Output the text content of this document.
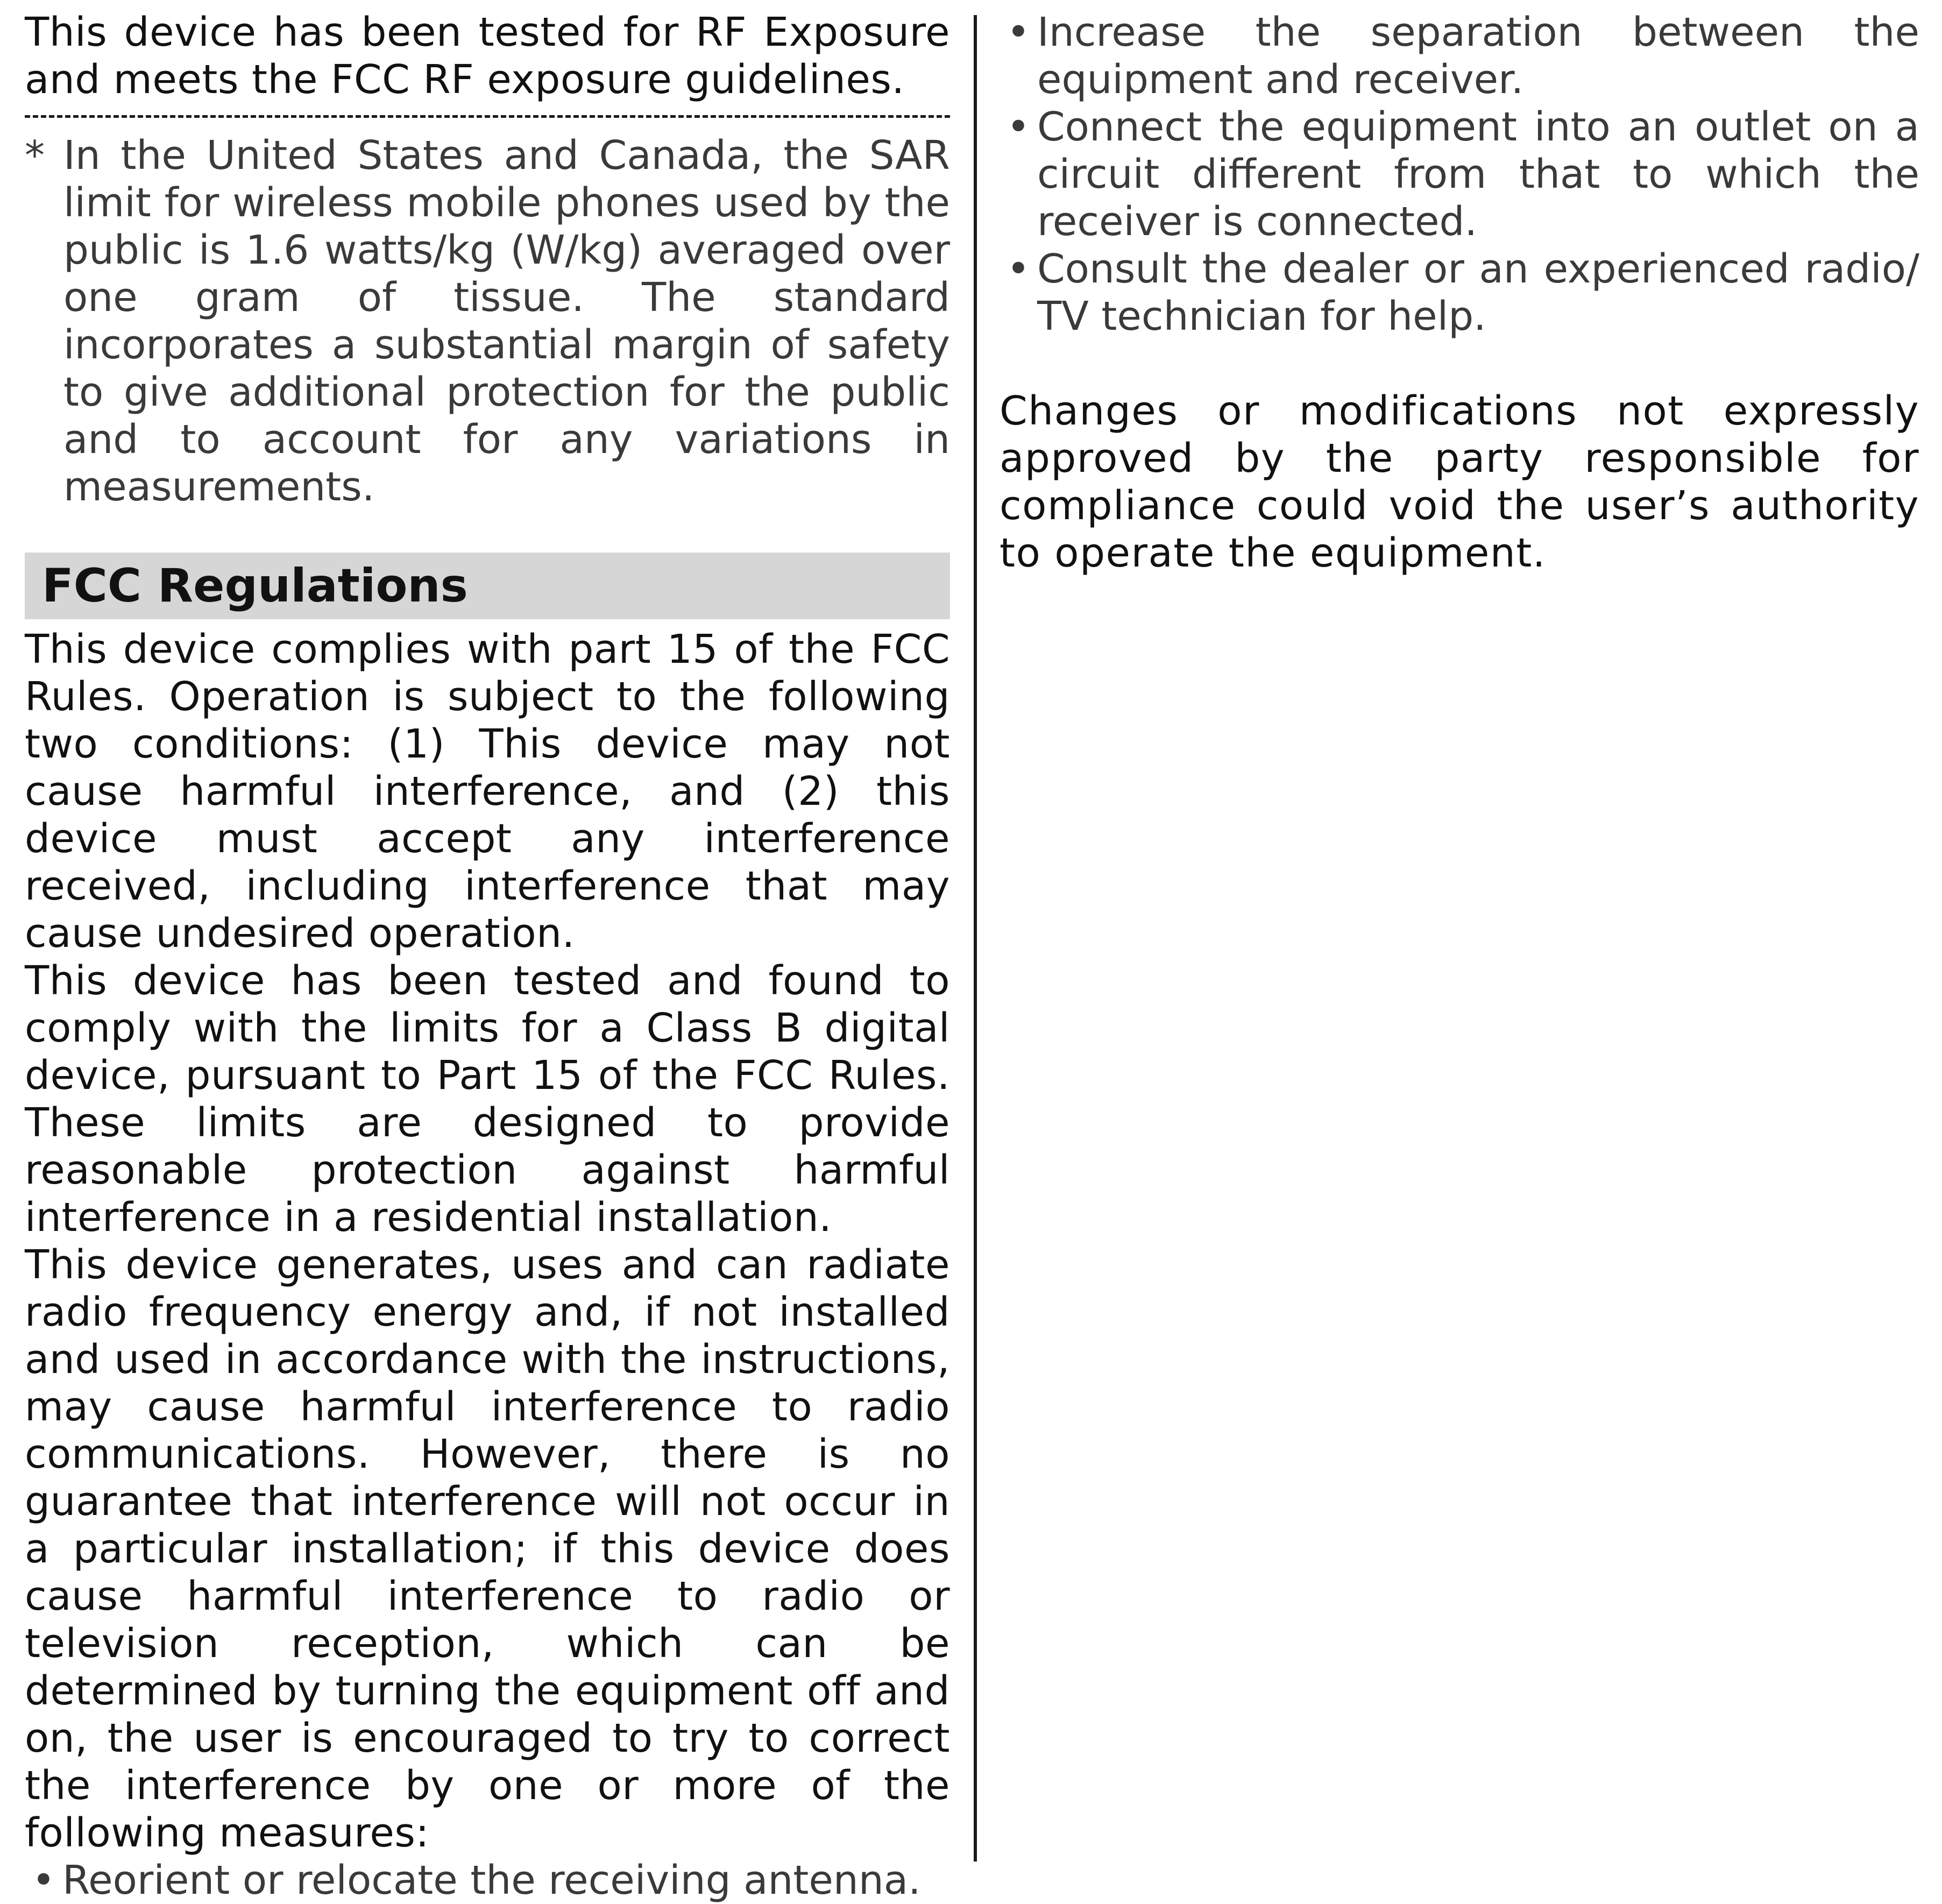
This device has been tested for RF Exposure and meets the FCC RF exposure guidelines.

* In the United States and Canada, the SAR limit for wireless mobile phones used by the public is 1.6 watts/kg (W/kg) averaged over one gram of tissue. The standard incorporates a substantial margin of safety to give additional protection for the public and to account for any variations in measurements.
FCC Regulations

This device complies with part 15 of the FCC Rules. Operation is subject to the following two conditions: (1) This device may not cause harmful interference, and (2) this device must accept any interference received, including interference that may cause undesired operation.

This device has been tested and found to comply with the limits for a Class B digital device, pursuant to Part 15 of the FCC Rules. These limits are designed to provide reasonable protection against harmful interference in a residential installation.

This device generates, uses and can radiate radio frequency energy and, if not installed and used in accordance with the instructions, may cause harmful interference to radio communications. However, there is no guarantee that interference will not occur in a particular installation; if this device does cause harmful interference to radio or television reception, which can be determined by turning the equipment off and on, the user is encouraged to try to correct the interference by one or more of the following measures:

• Reorient or relocate the receiving antenna.
• Increase the separation between the equipment and receiver.
• Connect the equipment into an outlet on a circuit different from that to which the receiver is connected.
• Consult the dealer or an experienced radio/ TV technician for help.

Changes or modifications not expressly approved by the party responsible for compliance could void the user’s authority to operate the equipment.
